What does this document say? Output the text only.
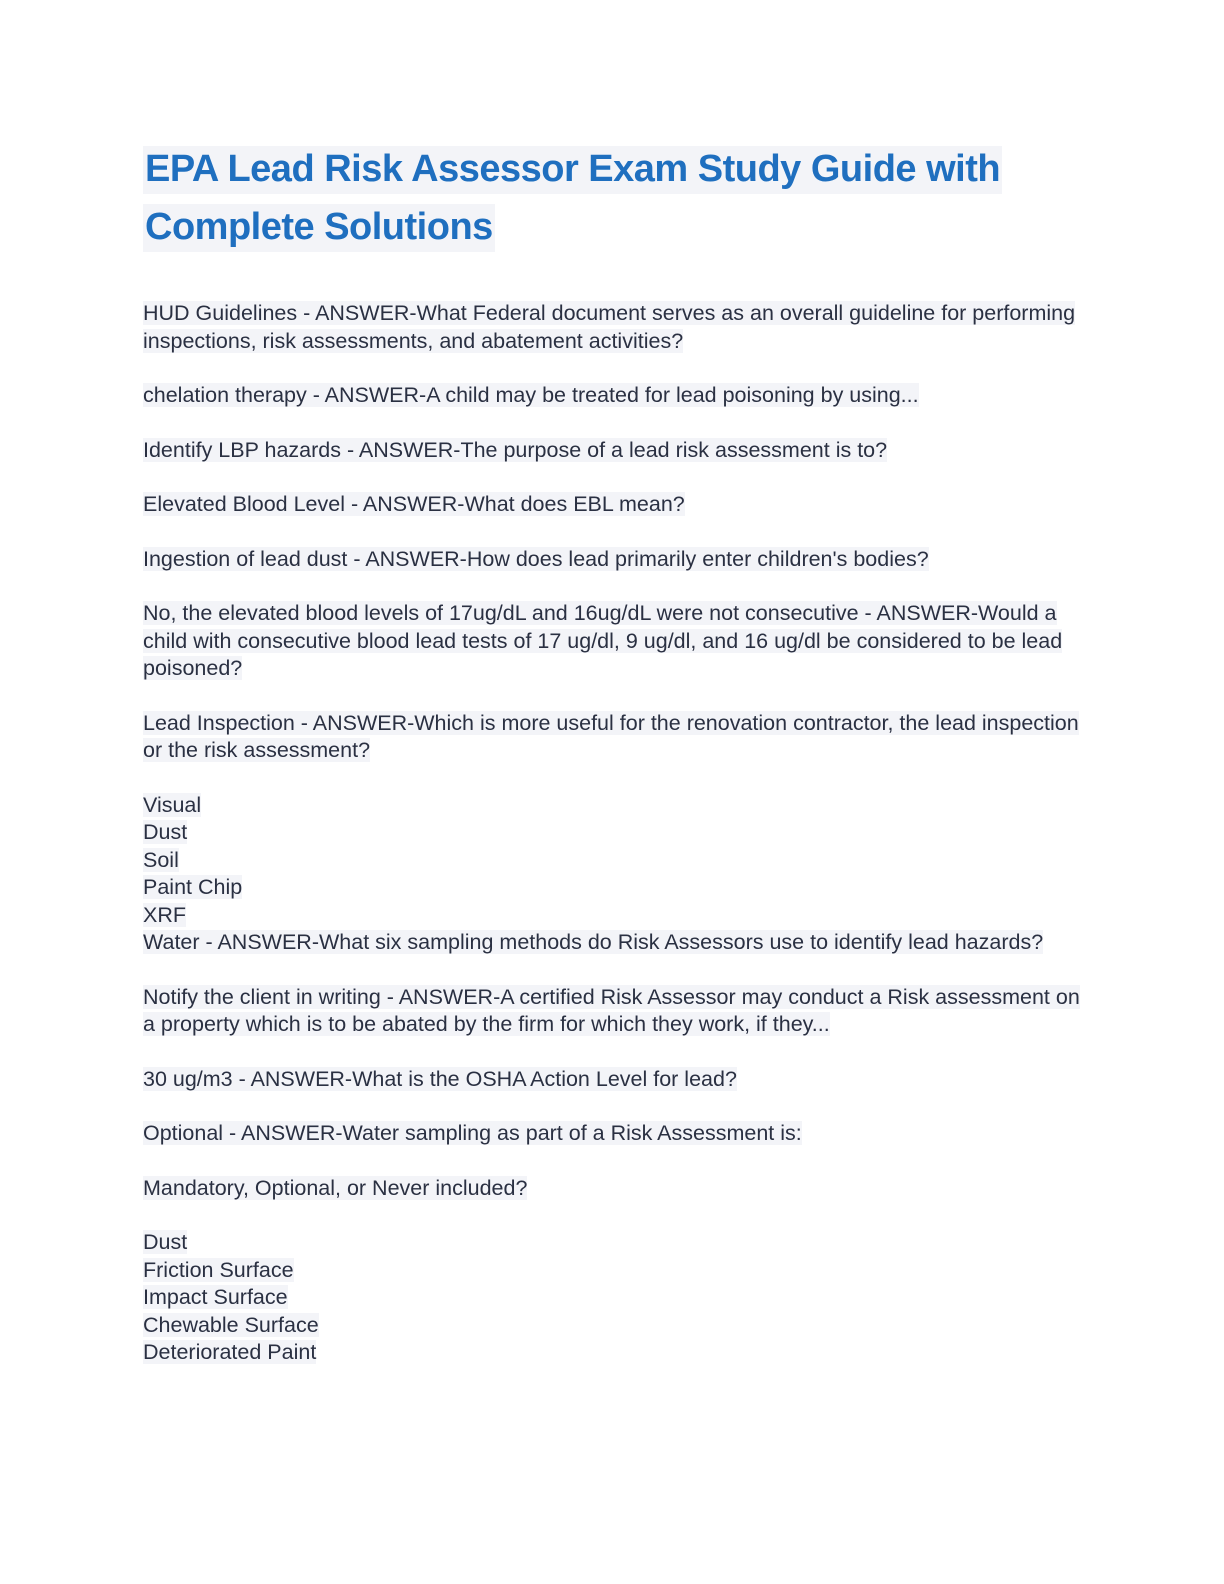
EPA Lead Risk Assessor Exam Study Guide with Complete Solutions

HUD Guidelines - ANSWER-What Federal document serves as an overall guideline for performing inspections, risk assessments, and abatement activities?

chelation therapy - ANSWER-A child may be treated for lead poisoning by using...

Identify LBP hazards - ANSWER-The purpose of a lead risk assessment is to?

Elevated Blood Level - ANSWER-What does EBL mean?

Ingestion of lead dust - ANSWER-How does lead primarily enter children's bodies?

No, the elevated blood levels of 17ug/dL and 16ug/dL were not consecutive - ANSWER-Would a child with consecutive blood lead tests of 17 ug/dl, 9 ug/dl, and 16 ug/dl be considered to be lead poisoned?

Lead Inspection - ANSWER-Which is more useful for the renovation contractor, the lead inspection or the risk assessment?

Visual
Dust
Soil
Paint Chip
XRF
Water - ANSWER-What six sampling methods do Risk Assessors use to identify lead hazards?

Notify the client in writing - ANSWER-A certified Risk Assessor may conduct a Risk assessment on a property which is to be abated by the firm for which they work, if they...

30 ug/m3 - ANSWER-What is the OSHA Action Level for lead?

Optional - ANSWER-Water sampling as part of a Risk Assessment is:

Mandatory, Optional, or Never included?

Dust
Friction Surface
Impact Surface
Chewable Surface
Deteriorated Paint
